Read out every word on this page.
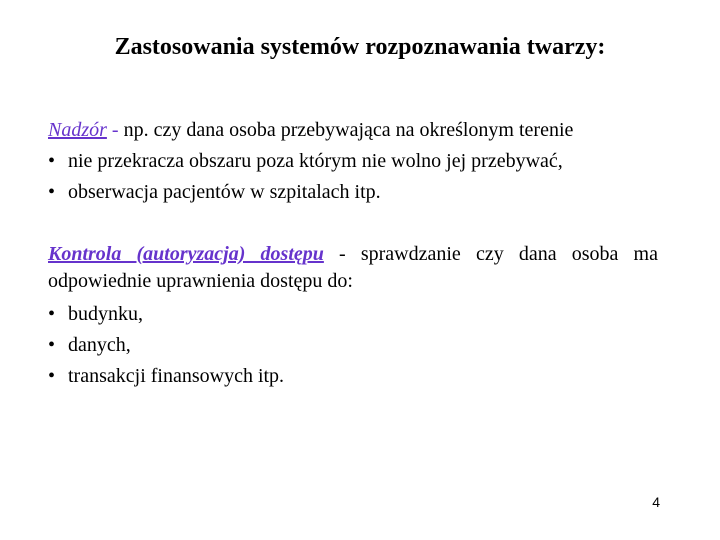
Zastosowania systemów rozpoznawania twarzy:
Nadzór - np. czy dana osoba przebywająca na określonym terenie
• nie przekracza obszaru poza którym nie wolno jej przebywać,
• obserwacja pacjentów w szpitalach itp.
Kontrola (autoryzacja) dostępu - sprawdzanie czy dana osoba ma odpowiednie uprawnienia dostępu do:
• budynku,
• danych,
• transakcji finansowych itp.
4
